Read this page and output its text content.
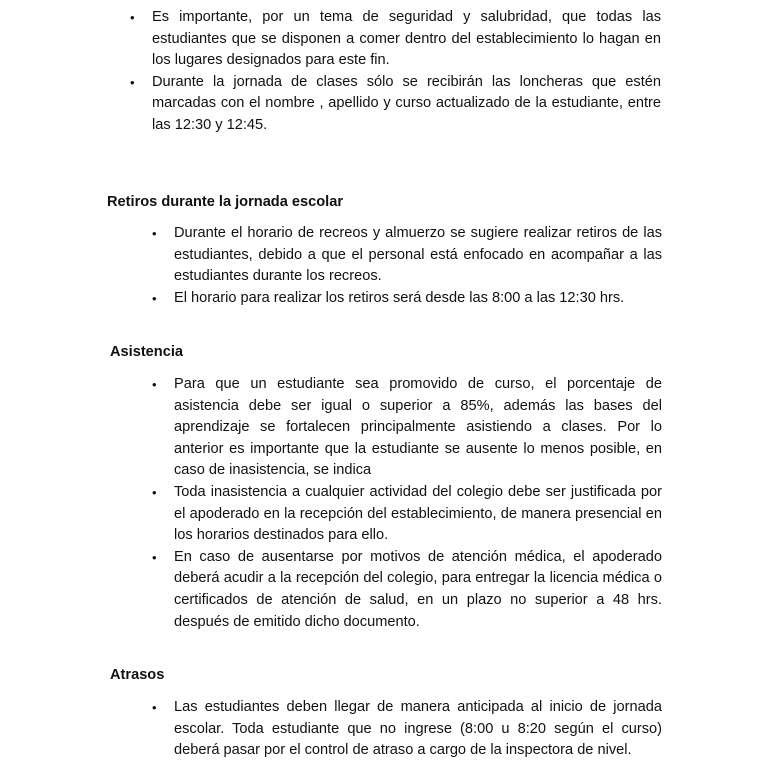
• Es importante, por un tema de seguridad y salubridad, que todas las estudiantes que se disponen a comer dentro del establecimiento lo hagan en los lugares designados para este fin.
• Durante la jornada de clases sólo se recibirán las loncheras que estén marcadas con el nombre , apellido y curso actualizado de la estudiante, entre las 12:30 y 12:45.
Retiros durante la jornada escolar
• Durante el horario de recreos y almuerzo se sugiere realizar retiros de las estudiantes, debido a que el personal está enfocado en acompañar a las estudiantes durante los recreos.
• El horario para realizar los retiros será desde las 8:00 a las 12:30 hrs.
Asistencia
• Para que un estudiante sea promovido de curso, el porcentaje de asistencia debe ser igual o superior a 85%, además las bases del aprendizaje se fortalecen principalmente asistiendo a clases. Por lo anterior es importante que la estudiante se ausente lo menos posible, en caso de inasistencia, se indica
• Toda inasistencia a cualquier actividad del colegio debe ser justificada por el apoderado en la recepción del establecimiento, de manera presencial en los horarios destinados para ello.
• En caso de ausentarse por motivos de atención médica, el apoderado deberá acudir a la recepción del colegio, para entregar la licencia médica o certificados de atención de salud, en un plazo no superior a 48 hrs. después de emitido dicho documento.
Atrasos
• Las estudiantes deben llegar de manera anticipada al inicio de jornada escolar. Toda estudiante que no ingrese (8:00 u 8:20 según el curso) deberá pasar por el control de atraso a cargo de la inspectora de nivel.
